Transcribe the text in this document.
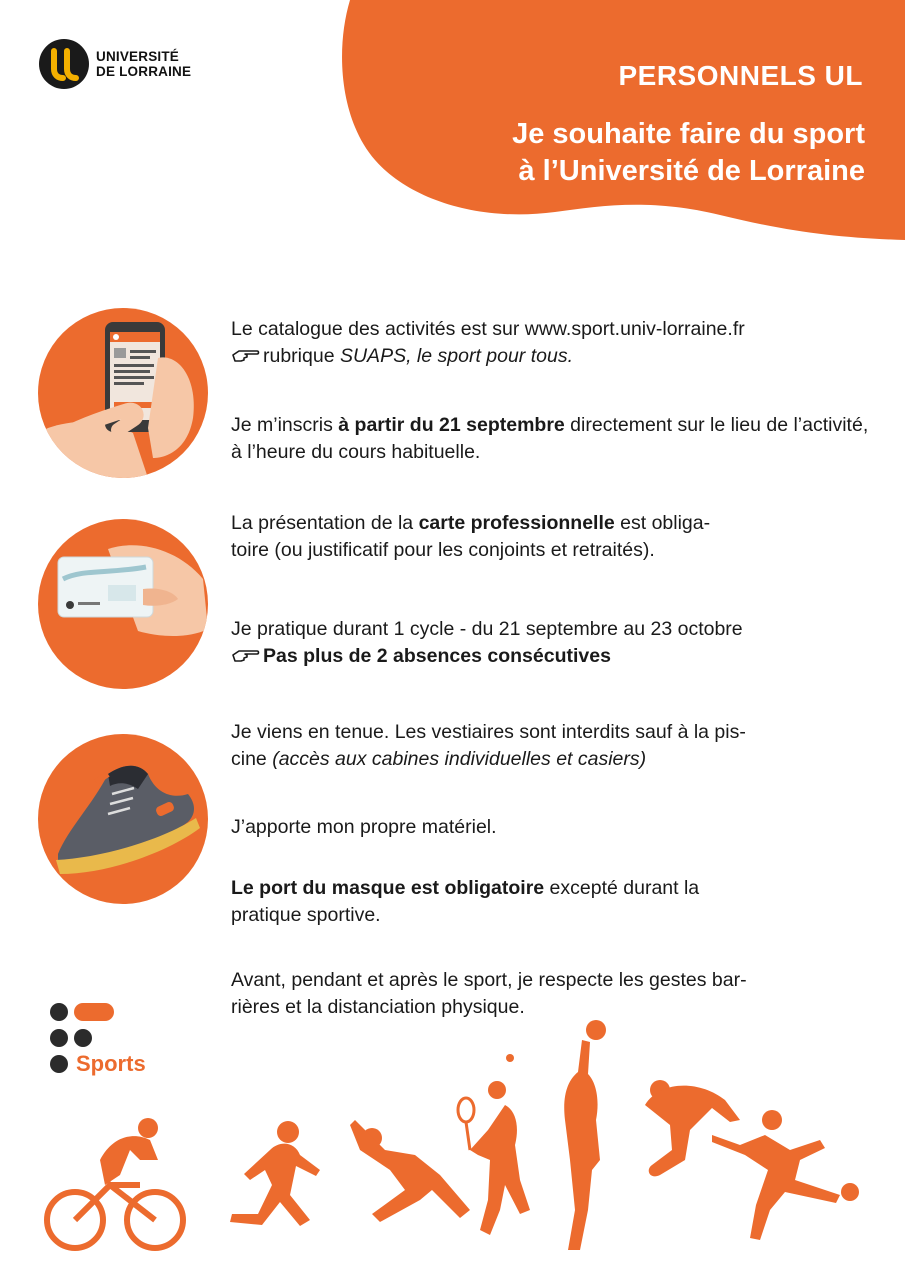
UNIVERSITÉ
DE LORRAINE	PERSONNELS UL
Je souhaite faire du sport
à l’Université de Lorraine
Le catalogue des activités est sur www.sport.univ-lorraine.fr
rubrique SUAPS, le sport pour tous.
Je m’inscris à partir du 21 septembre directement sur le lieu de l’activité, à l’heure du cours habituelle.
La présentation de la carte professionnelle est obliga-
toire (ou justificatif pour les conjoints et retraités).
Je pratique durant 1 cycle - du 21 septembre au 23 octobre
Pas plus de 2 absences consécutives
Je viens en tenue. Les vestiaires sont interdits sauf à la pis-
cine (accès aux cabines individuelles et casiers)
J’apporte mon propre matériel.
Le port du masque est obligatoire excepté durant la
pratique sportive.
Avant, pendant et après le sport, je respecte les gestes bar-
rières et la distanciation physique.
Sports
